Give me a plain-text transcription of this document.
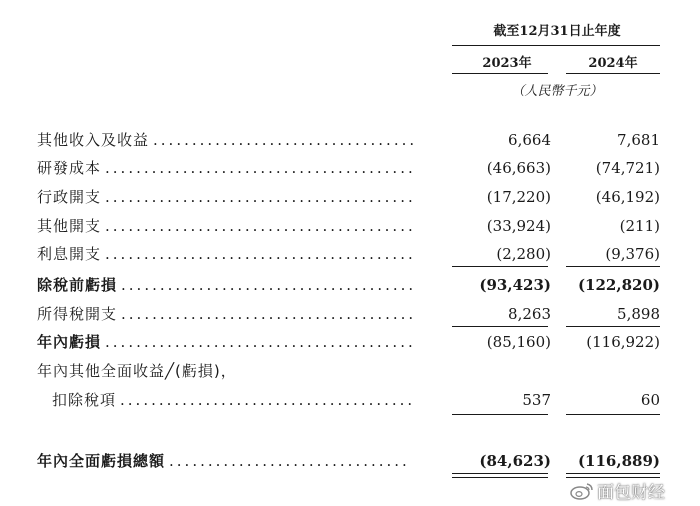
截至12月31日止年度
2023年	2024年
（人民幣千元）
其他收入及收益 ..................................	6,664	7,681
研發成本 ........................................	(46,663)	(74,721)
行政開支 ........................................	(17,220)	(46,192)
其他開支 ........................................	(33,924)	(211)
利息開支 ........................................	(2,280)	(9,376)
除稅前虧損 ......................................	(93,423)	(122,820)
所得稅開支 ......................................	8,263	5,898
年內虧損 ........................................	(85,160)	(116,922)
年內其他全面收益╱(虧損)，
扣除稅項 ......................................	537	60
年內全面虧損總額 ...............................	(84,623)	(116,889)
面包财经
